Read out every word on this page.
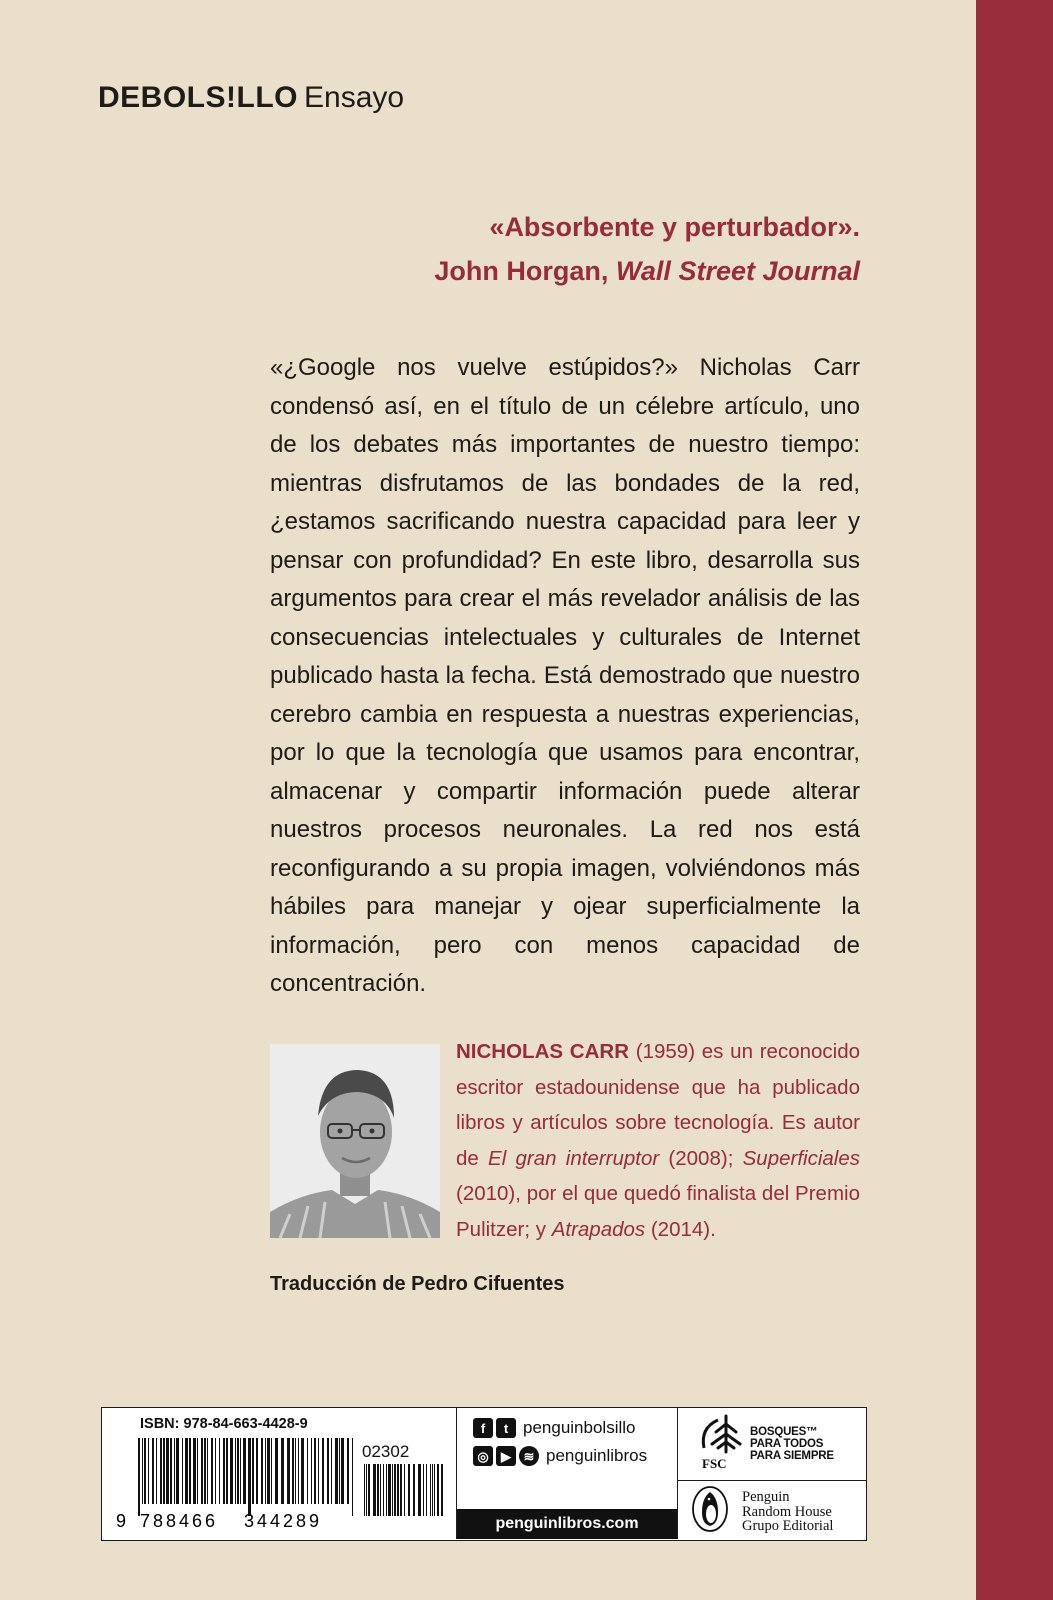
DEBOLS!LLO Ensayo
«Absorbente y perturbador».
John Horgan, Wall Street Journal

«¿Google nos vuelve estúpidos?» Nicholas Carr condensó así, en el título de un célebre artículo, uno de los debates más importantes de nuestro tiempo: mientras disfrutamos de las bondades de la red, ¿estamos sacrificando nuestra capacidad para leer y pensar con profundidad? En este libro, desarrolla sus argumentos para crear el más revelador análisis de las consecuencias intelectuales y culturales de Internet publicado hasta la fecha. Está demostrado que nuestro cerebro cambia en respuesta a nuestras experiencias, por lo que la tecnología que usamos para encontrar, almacenar y compartir información puede alterar nuestros procesos neuronales. La red nos está reconfigurando a su propia imagen, volviéndonos más hábiles para manejar y ojear superficialmente la información, pero con menos capacidad de concentración.

NICHOLAS CARR (1959) es un reconocido escritor estadounidense que ha publicado libros y artículos sobre tecnología. Es autor de El gran interruptor (2008); Superficiales (2010), por el que quedó finalista del Premio Pulitzer; y Atrapados (2014).

Traducción de Pedro Cifuentes
ISBN: 978-84-663-4428-9
02302
9 788466 344289
f	t penguinbolsillo
◎ ▶ ≋ penguinlibros
penguinlibros.com
FSC
BOSQUES™
PARA TODOS
PARA SIEMPRE
Penguin
Random House
Grupo Editorial
